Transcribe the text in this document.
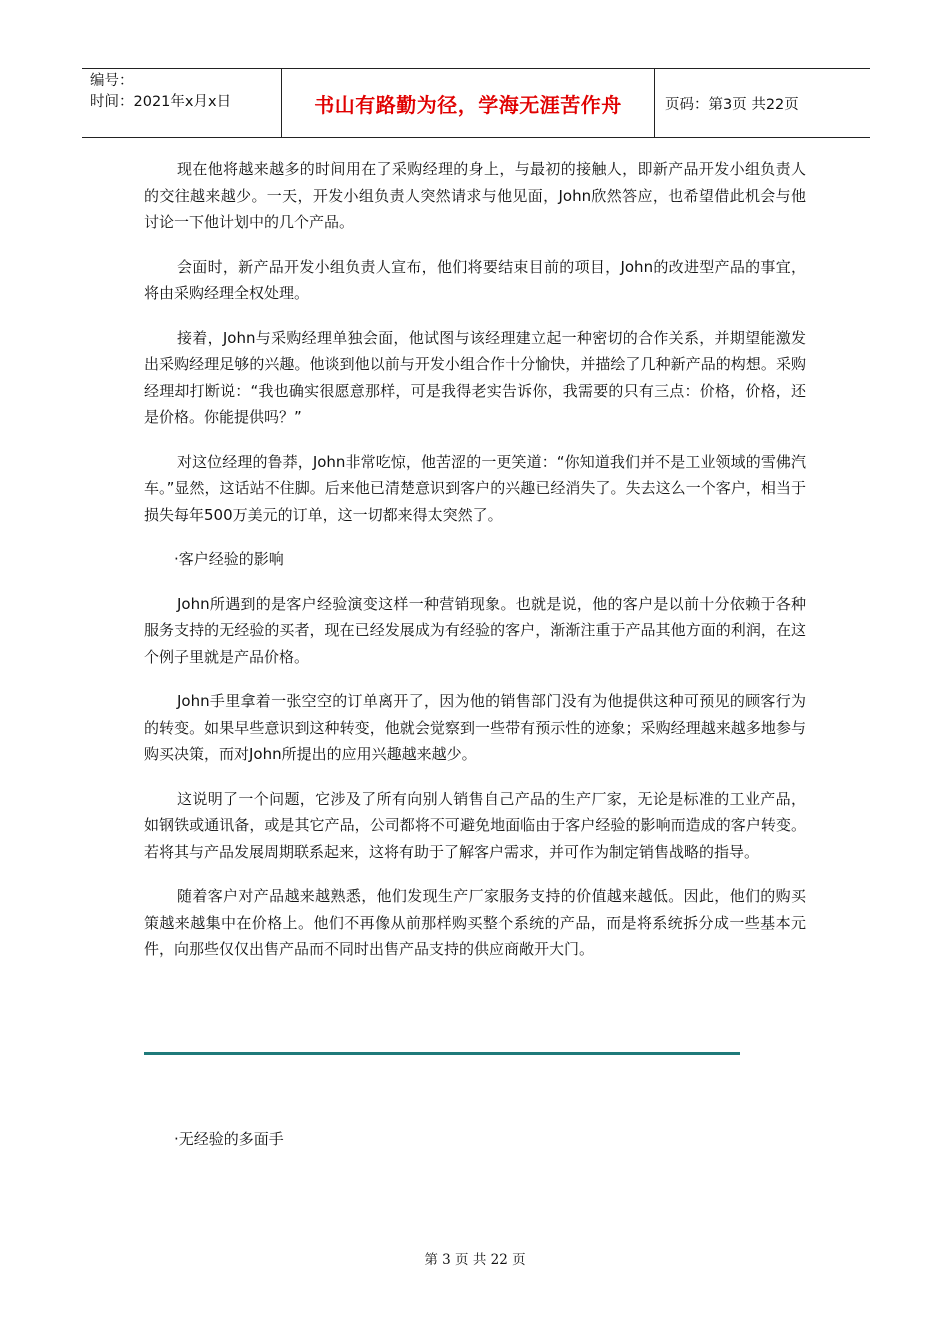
编号：
时间：2021年x月x日	书山有路勤为径，学海无涯苦作舟	页码：第3页 共22页

现在他将越来越多的时间用在了采购经理的身上，与最初的接触人，即新产品开发小组负责人的交往越来越少。一天，开发小组负责人突然请求与他见面，John欣然答应，也希望借此机会与他讨论一下他计划中的几个产品。

会面时，新产品开发小组负责人宣布，他们将要结束目前的项目，John的改进型产品的事宜，将由采购经理全权处理。

接着，John与采购经理单独会面，他试图与该经理建立起一种密切的合作关系，并期望能激发出采购经理足够的兴趣。他谈到他以前与开发小组合作十分愉快，并描绘了几种新产品的构想。采购经理却打断说：“我也确实很愿意那样，可是我得老实告诉你，我需要的只有三点：价格，价格，还是价格。你能提供吗？”

对这位经理的鲁莽，John非常吃惊，他苦涩的一更笑道：“你知道我们并不是工业领域的雪佛汽车。”显然，这话站不住脚。后来他已清楚意识到客户的兴趣已经消失了。失去这么一个客户，相当于损失每年500万美元的订单，这一切都来得太突然了。

·客户经验的影响

John所遇到的是客户经验演变这样一种营销现象。也就是说，他的客户是以前十分依赖于各种服务支持的无经验的买者，现在已经发展成为有经验的客户，渐渐注重于产品其他方面的利润，在这个例子里就是产品价格。

John手里拿着一张空空的订单离开了，因为他的销售部门没有为他提供这种可预见的顾客行为的转变。如果早些意识到这种转变，他就会觉察到一些带有预示性的迹象；采购经理越来越多地参与购买决策，而对John所提出的应用兴趣越来越少。

这说明了一个问题，它涉及了所有向别人销售自己产品的生产厂家，无论是标准的工业产品，如钢铁或通讯备，或是其它产品，公司都将不可避免地面临由于客户经验的影响而造成的客户转变。若将其与产品发展周期联系起来，这将有助于了解客户需求，并可作为制定销售战略的指导。

随着客户对产品越来越熟悉，他们发现生产厂家服务支持的价值越来越低。因此，他们的购买策越来越集中在价格上。他们不再像从前那样购买整个系统的产品，而是将系统拆分成一些基本元件，向那些仅仅出售产品而不同时出售产品支持的供应商敞开大门。

·无经验的多面手
第 3 页 共 22 页
